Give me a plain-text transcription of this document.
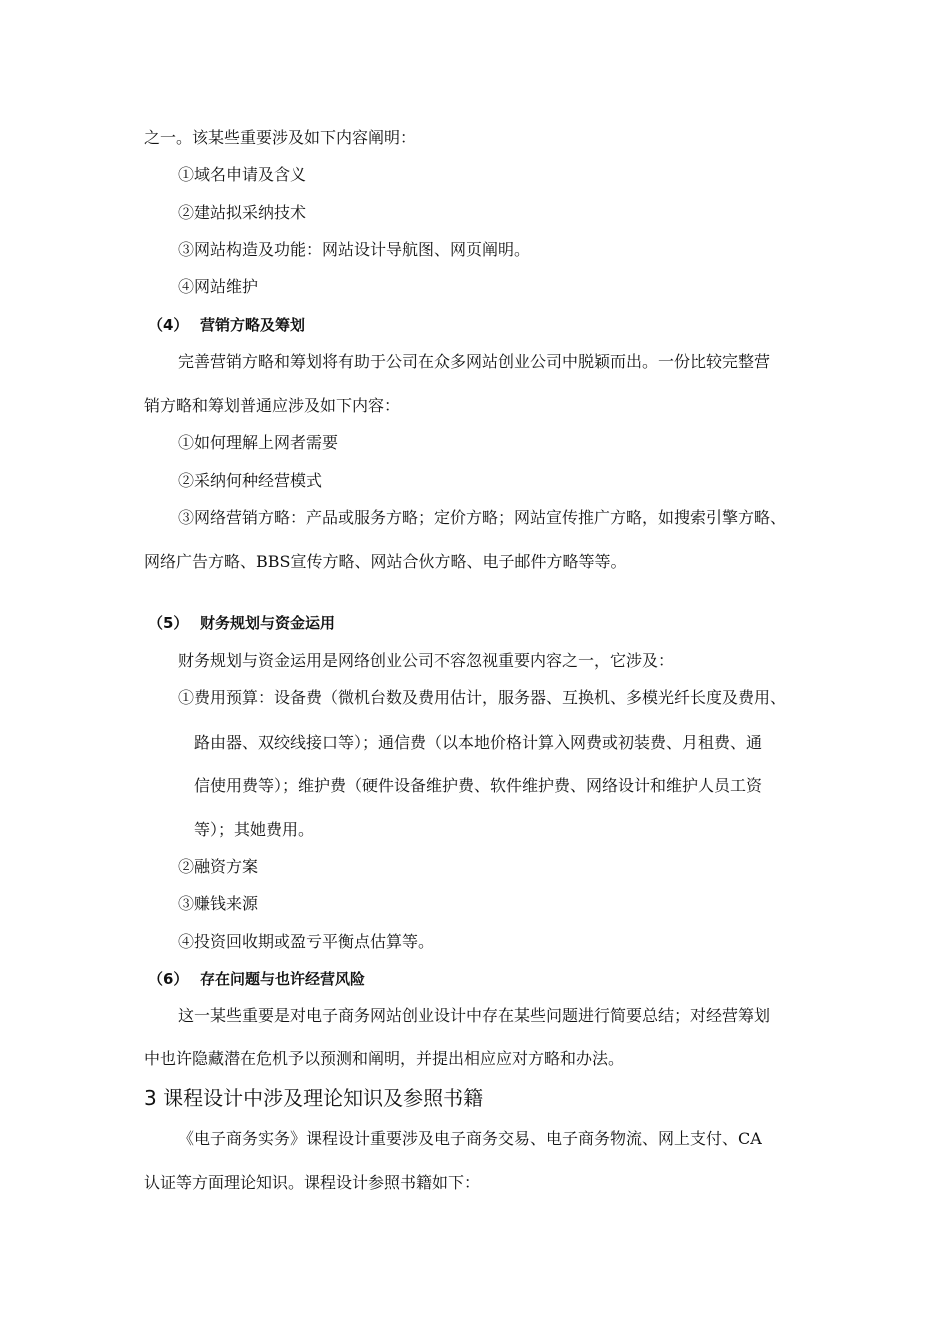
之一。该某些重要涉及如下内容阐明：
①域名申请及含义
②建站拟采纳技术
③网站构造及功能：网站设计导航图、网页阐明。
④网站维护
（4） 营销方略及筹划
完善营销方略和筹划将有助于公司在众多网站创业公司中脱颖而出。一份比较完整营
销方略和筹划普通应涉及如下内容：
①如何理解上网者需要
②采纳何种经营模式
③网络营销方略：产品或服务方略；定价方略；网站宣传推广方略，如搜索引擎方略、
网络广告方略、BBS宣传方略、网站合伙方略、电子邮件方略等等。
（5） 财务规划与资金运用
财务规划与资金运用是网络创业公司不容忽视重要内容之一，它涉及：
①费用预算：设备费（微机台数及费用估计，服务器、互换机、多模光纤长度及费用、
路由器、双绞线接口等）；通信费（以本地价格计算入网费或初装费、月租费、通
信使用费等）；维护费（硬件设备维护费、软件维护费、网络设计和维护人员工资
等）；其她费用。
②融资方案
③赚钱来源
④投资回收期或盈亏平衡点估算等。
（6） 存在问题与也许经营风险
这一某些重要是对电子商务网站创业设计中存在某些问题进行简要总结；对经营筹划
中也许隐藏潜在危机予以预测和阐明，并提出相应应对方略和办法。
3 课程设计中涉及理论知识及参照书籍
《电子商务实务》课程设计重要涉及电子商务交易、电子商务物流、网上支付、CA
认证等方面理论知识。课程设计参照书籍如下：
